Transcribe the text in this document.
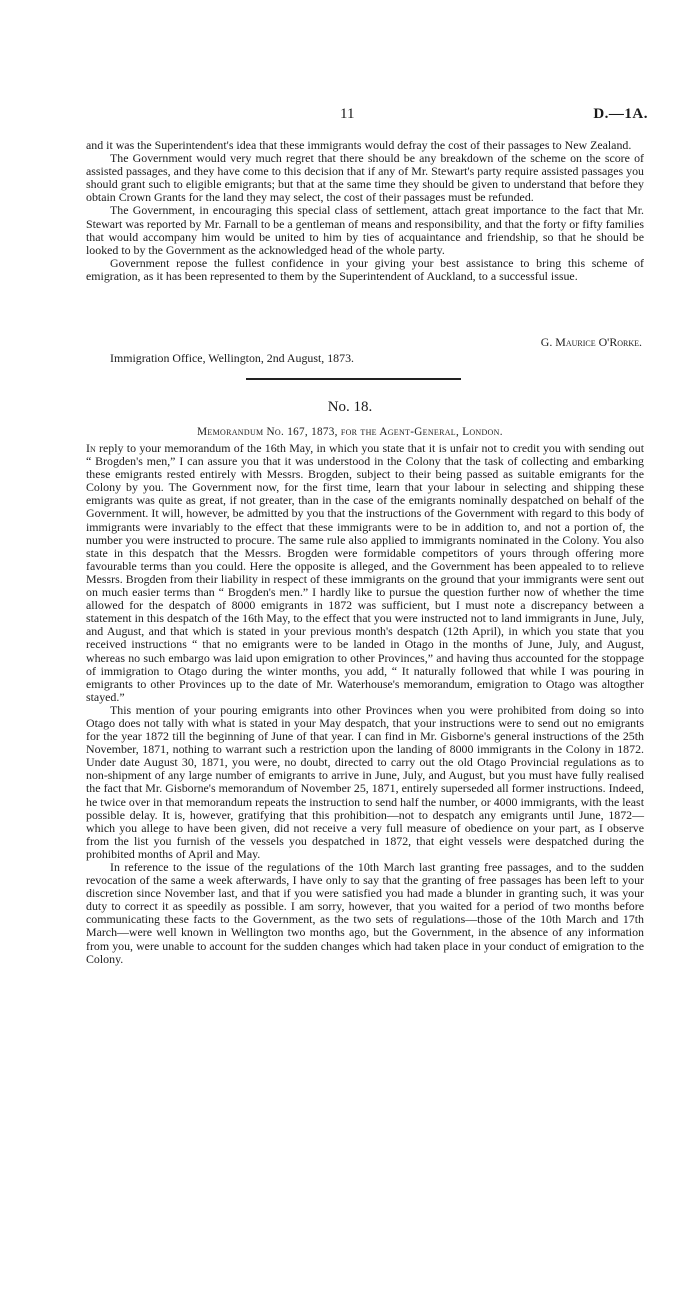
11	D.—1A.

and it was the Superintendent's idea that these immigrants would defray the cost of their passages to New Zealand.

The Government would very much regret that there should be any breakdown of the scheme on the score of assisted passages, and they have come to this decision that if any of Mr. Stewart's party require assisted passages you should grant such to eligible emigrants; but that at the same time they should be given to understand that before they obtain Crown Grants for the land they may select, the cost of their passages must be refunded.

The Government, in encouraging this special class of settlement, attach great importance to the fact that Mr. Stewart was reported by Mr. Farnall to be a gentleman of means and responsibility, and that the forty or fifty families that would accompany him would be united to him by ties of acquaintance and friendship, so that he should be looked to by the Government as the acknowledged head of the whole party.

Government repose the fullest confidence in your giving your best assistance to bring this scheme of emigration, as it has been represented to them by the Superintendent of Auckland, to a successful issue.

G. Maurice O'Rorke.
Immigration Office, Wellington, 2nd August, 1873.
No. 18.
Memorandum No. 167, 1873, for the Agent-General, London.

In reply to your memorandum of the 16th May, in which you state that it is unfair not to credit you with sending out “ Brogden's men,” I can assure you that it was understood in the Colony that the task of collecting and embarking these emigrants rested entirely with Messrs. Brogden, subject to their being passed as suitable emigrants for the Colony by you. The Government now, for the first time, learn that your labour in selecting and shipping these emigrants was quite as great, if not greater, than in the case of the emigrants nominally despatched on behalf of the Government. It will, however, be admitted by you that the instructions of the Government with regard to this body of immigrants were invariably to the effect that these immigrants were to be in addition to, and not a portion of, the number you were instructed to procure. The same rule also applied to immigrants nominated in the Colony. You also state in this despatch that the Messrs. Brogden were formidable competitors of yours through offering more favourable terms than you could. Here the opposite is alleged, and the Government has been appealed to to relieve Messrs. Brogden from their liability in respect of these immigrants on the ground that your immigrants were sent out on much easier terms than “ Brogden's men.” I hardly like to pursue the question further now of whether the time allowed for the despatch of 8000 emigrants in 1872 was sufficient, but I must note a discrepancy between a statement in this despatch of the 16th May, to the effect that you were instructed not to land immigrants in June, July, and August, and that which is stated in your previous month's despatch (12th April), in which you state that you received instructions “ that no emigrants were to be landed in Otago in the months of June, July, and August, whereas no such embargo was laid upon emigration to other Provinces,” and having thus accounted for the stoppage of immigration to Otago during the winter months, you add, “ It naturally followed that while I was pouring in emigrants to other Provinces up to the date of Mr. Waterhouse's memorandum, emigration to Otago was altogther stayed.”

This mention of your pouring emigrants into other Provinces when you were prohibited from doing so into Otago does not tally with what is stated in your May despatch, that your instructions were to send out no emigrants for the year 1872 till the beginning of June of that year. I can find in Mr. Gisborne's general instructions of the 25th November, 1871, nothing to warrant such a restriction upon the landing of 8000 immigrants in the Colony in 1872. Under date August 30, 1871, you were, no doubt, directed to carry out the old Otago Provincial regulations as to non-shipment of any large number of emigrants to arrive in June, July, and August, but you must have fully realised the fact that Mr. Gisborne's memorandum of November 25, 1871, entirely superseded all former instructions. Indeed, he twice over in that memorandum repeats the instruction to send half the number, or 4000 immigrants, with the least possible delay. It is, however, gratifying that this prohibition—not to despatch any emigrants until June, 1872—which you allege to have been given, did not receive a very full measure of obedience on your part, as I observe from the list you furnish of the vessels you despatched in 1872, that eight vessels were despatched during the prohibited months of April and May.

In reference to the issue of the regulations of the 10th March last granting free passages, and to the sudden revocation of the same a week afterwards, I have only to say that the granting of free passages has been left to your discretion since November last, and that if you were satisfied you had made a blunder in granting such, it was your duty to correct it as speedily as possible. I am sorry, however, that you waited for a period of two months before communicating these facts to the Government, as the two sets of regulations—those of the 10th March and 17th March—were well known in Wellington two months ago, but the Government, in the absence of any information from you, were unable to account for the sudden changes which had taken place in your conduct of emigration to the Colony.
